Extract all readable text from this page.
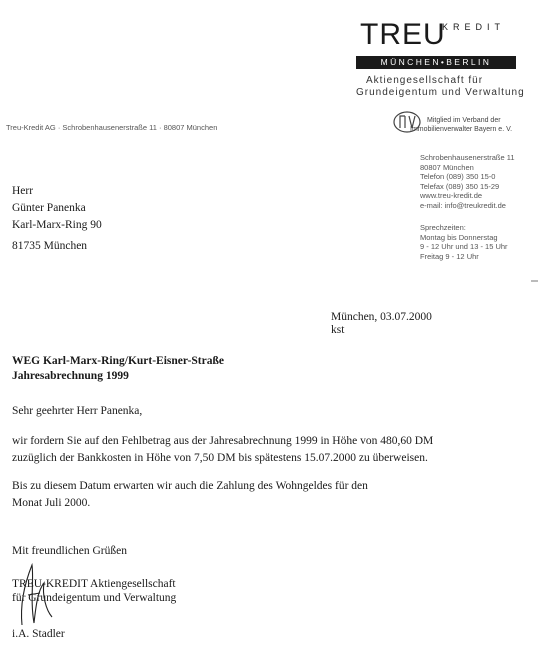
TREU
KREDIT
MÜNCHEN•BERLIN
Aktiengesellschaft für
Grundeigentum und Verwaltung
Treu-Kredit AG · Schrobenhausenerstraße 11 · 80807 München
Mitglied im Verband der
Immobilienverwalter Bayern e. V.
Schrobenhausenerstraße 11
80807 München
Telefon (089) 350 15-0
Telefax (089) 350 15-29
www.treu-kredit.de
e-mail: info@treukredit.de
Sprechzeiten:
Montag bis Donnerstag
9 - 12 Uhr und 13 - 15 Uhr
Freitag 9 - 12 Uhr
Herr
Günter Panenka
Karl-Marx-Ring 90
81735 München
München, 03.07.2000
kst
WEG Karl-Marx-Ring/Kurt-Eisner-Straße
Jahresabrechnung 1999
Sehr geehrter Herr Panenka,
wir fordern Sie auf den Fehlbetrag aus der Jahresabrechnung 1999 in Höhe von 480,60 DM
zuzüglich der Bankkosten in Höhe von 7,50 DM bis spätestens 15.07.2000 zu überweisen.
Bis zu diesem Datum erwarten wir auch die Zahlung des Wohngeldes für den
Monat Juli 2000.
Mit freundlichen Grüßen
TREU-KREDIT Aktiengesellschaft
für Grundeigentum und Verwaltung
i.A. Stadler
